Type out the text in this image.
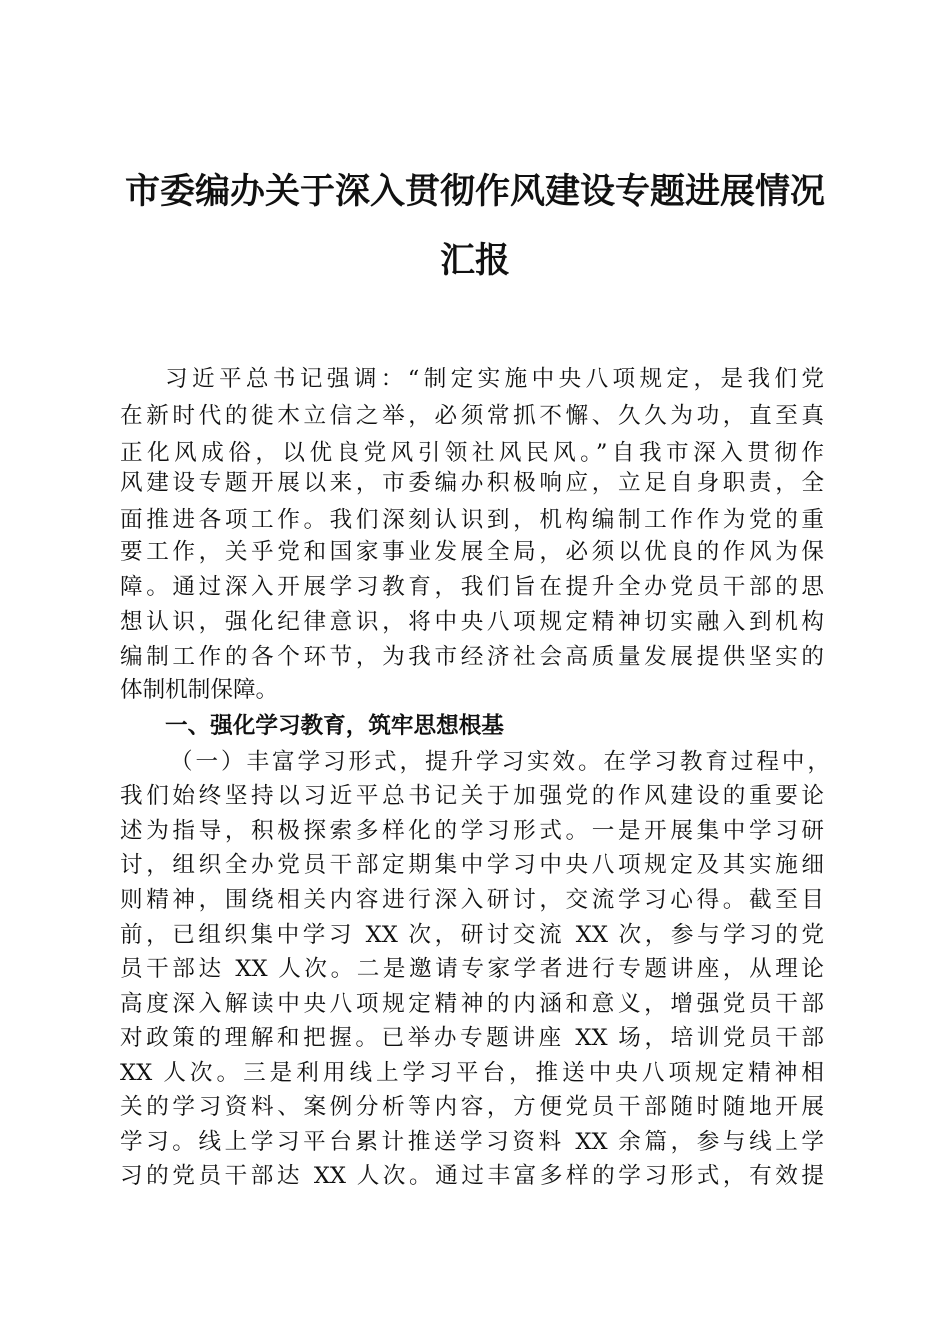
市委编办关于深入贯彻作风建设专题进展情况
汇报
习近平总书记强调：“制定实施中央八项规定，是我们党
在新时代的徙木立信之举，必须常抓不懈、久久为功，直至真
正化风成俗，以优良党风引领社风民风。”自我市深入贯彻作
风建设专题开展以来，市委编办积极响应，立足自身职责，全
面推进各项工作。我们深刻认识到，机构编制工作作为党的重
要工作，关乎党和国家事业发展全局，必须以优良的作风为保
障。通过深入开展学习教育，我们旨在提升全办党员干部的思
想认识，强化纪律意识，将中央八项规定精神切实融入到机构
编制工作的各个环节，为我市经济社会高质量发展提供坚实的
体制机制保障。
一、强化学习教育，筑牢思想根基
（一）丰富学习形式，提升学习实效。在学习教育过程中，
我们始终坚持以习近平总书记关于加强党的作风建设的重要论
述为指导，积极探索多样化的学习形式。一是开展集中学习研
讨，组织全办党员干部定期集中学习中央八项规定及其实施细
则精神，围绕相关内容进行深入研讨，交流学习心得。截至目
前，已组织集中学习 XX 次，研讨交流 XX 次，参与学习的党
员干部达 XX 人次。二是邀请专家学者进行专题讲座，从理论
高度深入解读中央八项规定精神的内涵和意义，增强党员干部
对政策的理解和把握。已举办专题讲座 XX 场，培训党员干部
XX 人次。三是利用线上学习平台，推送中央八项规定精神相
关的学习资料、案例分析等内容，方便党员干部随时随地开展
学习。线上学习平台累计推送学习资料 XX 余篇，参与线上学
习的党员干部达 XX 人次。通过丰富多样的学习形式，有效提
